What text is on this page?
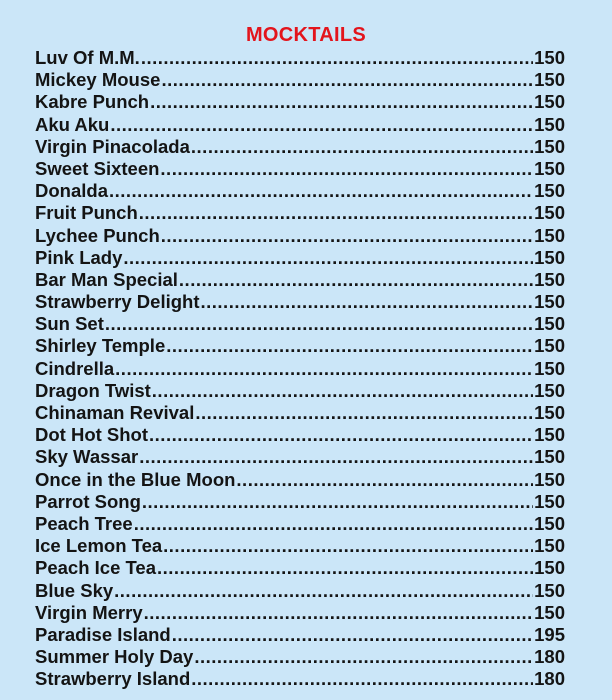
MOCKTAILS
Luv Of M.M. .....	150
Mickey Mouse .....	150
Kabre Punch .....	150
Aku Aku .....	150
Virgin Pinacolada .....	150
Sweet Sixteen .....	150
Donalda .....	150
Fruit Punch .....	150
Lychee Punch .....	150
Pink Lady .....	150
Bar Man Special .....	150
Strawberry Delight .....	150
Sun Set .....	150
Shirley Temple .....	150
Cindrella .....	150
Dragon Twist .....	150
Chinaman Revival .....	150
Dot Hot Shot .....	150
Sky Wassar .....	150
Once in the Blue Moon .....	150
Parrot Song .....	150
Peach Tree .....	150
Ice Lemon Tea .....	150
Peach Ice Tea .....	150
Blue Sky .....	150
Virgin Merry .....	150
Paradise Island .....	195
Summer Holy Day .....	180
Strawberry Island .....	180
